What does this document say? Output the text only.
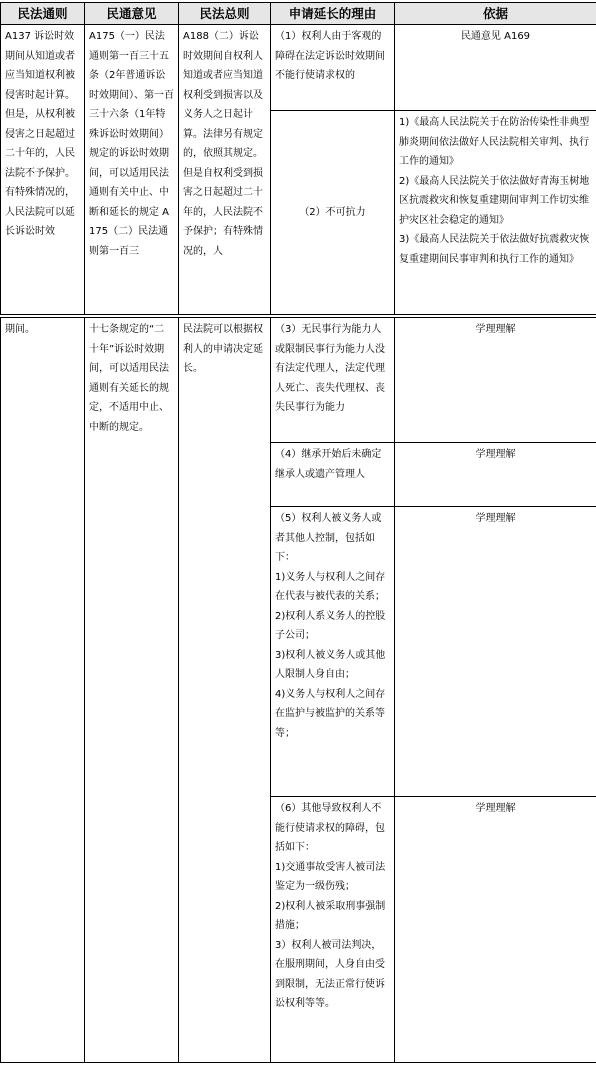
民法通则	民通意见	民法总则	申请延长的理由	依据
A137 诉讼时效期间从知道或者应当知道权利被侵害时起计算。但是，从权利被侵害之日起超过二十年的，人民法院不予保护。有特殊情况的，人民法院可以延长诉讼时效	A175（一）民法通则第一百三十五条（2年普通诉讼时效期间）、第一百三十六条（1年特殊诉讼时效期间）规定的诉讼时效期间，可以适用民法通则有关中止、中断和延长的规定 A175（二）民法通则第一百三	A188（二）诉讼时效期间自权利人知道或者应当知道权利受到损害以及义务人之日起计算。法律另有规定的，依照其规定。但是自权利受到损害之日起超过二十年的，人民法院不予保护；有特殊情况的，人	（1）权利人由于客观的障碍在法定诉讼时效期间不能行使请求权的	民通意见 A169
			（2）不可抗力	1)《最高人民法院关于在防治传染性非典型肺炎期间依法做好人民法院相关审判、执行工作的通知》
2)《最高人民法院关于依法做好青海玉树地区抗震救灾和恢复重建期间审判工作切实维护灾区社会稳定的通知》
3)《最高人民法院关于依法做好抗震救灾恢复重建期间民事审判和执行工作的通知》
期间。	十七条规定的“二十年”诉讼时效期间，可以适用民法通则有关延长的规定，不适用中止、中断的规定。	民法院可以根据权利人的申请决定延长。	（3）无民事行为能力人或限制民事行为能力人没有法定代理人，法定代理人死亡、丧失代理权、丧失民事行为能力	学理理解
			（4）继承开始后未确定继承人或遗产管理人	学理理解

			（5）权利人被义务人或者其他人控制，包括如下：
1)义务人与权利人之间存在代表与被代表的关系；
2)权利人系义务人的控股子公司；
3)权利人被义务人或其他人限制人身自由；
4)义务人与权利人之间存在监护与被监护的关系等等；	学理理解

			（6）其他导致权利人不能行使请求权的障碍，包括如下：
1)交通事故受害人被司法鉴定为一级伤残；
2)权利人被采取刑事强制措施；
3）权利人被司法判决，在服刑期间，人身自由受到限制，无法正常行使诉讼权利等等。	学理理解
